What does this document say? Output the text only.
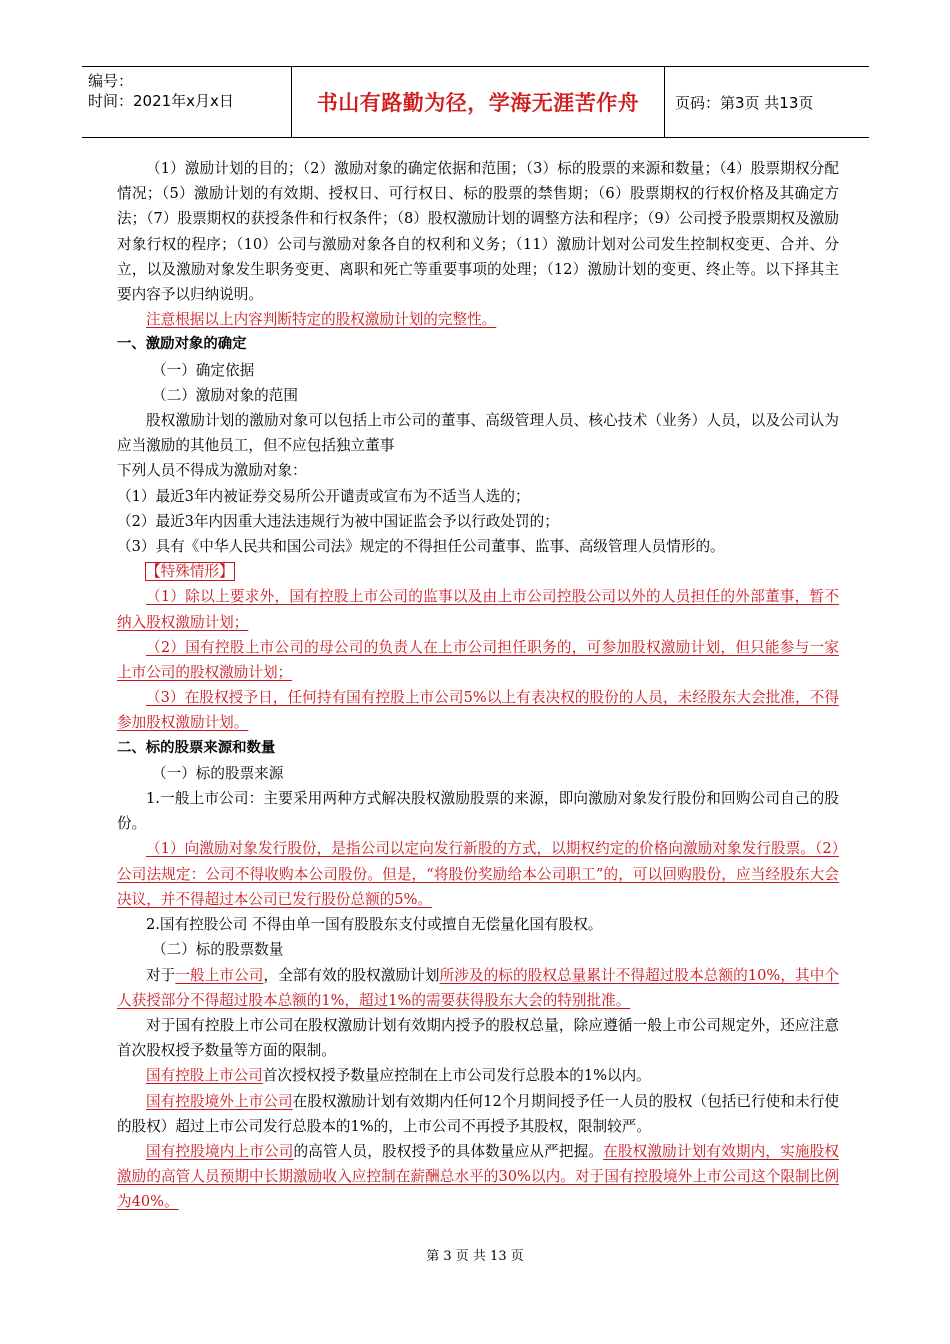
编号：
时间：2021年x月x日	书山有路勤为径，学海无涯苦作舟	页码：第3页 共13页

（1）激励计划的目的；（2）激励对象的确定依据和范围；（3）标的股票的来源和数量；（4）股票期权分配情况；（5）激励计划的有效期、授权日、可行权日、标的股票的禁售期；（6）股票期权的行权价格及其确定方法；（7）股票期权的获授条件和行权条件；（8）股权激励计划的调整方法和程序；（9）公司授予股票期权及激励对象行权的程序；（10）公司与激励对象各自的权利和义务；（11）激励计划对公司发生控制权变更、合并、分立，以及激励对象发生职务变更、离职和死亡等重要事项的处理；（12）激励计划的变更、终止等。以下择其主要内容予以归纳说明。

注意根据以上内容判断特定的股权激励计划的完整性。

一、激励对象的确定

（一）确定依据

（二）激励对象的范围

股权激励计划的激励对象可以包括上市公司的董事、高级管理人员、核心技术（业务）人员，以及公司认为应当激励的其他员工，但不应包括独立董事

下列人员不得成为激励对象：

（1）最近3年内被证券交易所公开谴责或宣布为不适当人选的；

（2）最近3年内因重大违法违规行为被中国证监会予以行政处罚的；

（3）具有《中华人民共和国公司法》规定的不得担任公司董事、监事、高级管理人员情形的。

【特殊情形】

（1）除以上要求外，国有控股上市公司的监事以及由上市公司控股公司以外的人员担任的外部董事，暂不纳入股权激励计划；

（2）国有控股上市公司的母公司的负责人在上市公司担任职务的，可参加股权激励计划，但只能参与一家上市公司的股权激励计划；

（3）在股权授予日，任何持有国有控股上市公司5%以上有表决权的股份的人员，未经股东大会批准，不得参加股权激励计划。

二、标的股票来源和数量

（一）标的股票来源

1.一般上市公司：主要采用两种方式解决股权激励股票的来源，即向激励对象发行股份和回购公司自己的股份。

（1）向激励对象发行股份，是指公司以定向发行新股的方式，以期权约定的价格向激励对象发行股票。（2）公司法规定：公司不得收购本公司股份。但是，“将股份奖励给本公司职工”的，可以回购股份，应当经股东大会决议，并不得超过本公司已发行股份总额的5%。

2.国有控股公司 不得由单一国有股股东支付或擅自无偿量化国有股权。

（二）标的股票数量

对于一般上市公司，全部有效的股权激励计划所涉及的标的股权总量累计不得超过股本总额的10%，其中个人获授部分不得超过股本总额的1%，超过1%的需要获得股东大会的特别批准。

对于国有控股上市公司在股权激励计划有效期内授予的股权总量，除应遵循一般上市公司规定外，还应注意首次股权授予数量等方面的限制。

国有控股上市公司首次授权授予数量应控制在上市公司发行总股本的1%以内。

国有控股境外上市公司在股权激励计划有效期内任何12个月期间授予任一人员的股权（包括已行使和未行使的股权）超过上市公司发行总股本的1%的，上市公司不再授予其股权，限制较严。

国有控股境内上市公司的高管人员，股权授予的具体数量应从严把握。在股权激励计划有效期内，实施股权激励的高管人员预期中长期激励收入应控制在薪酬总水平的30%以内。对于国有控股境外上市公司这个限制比例为40%。

第 3 页 共 13 页
